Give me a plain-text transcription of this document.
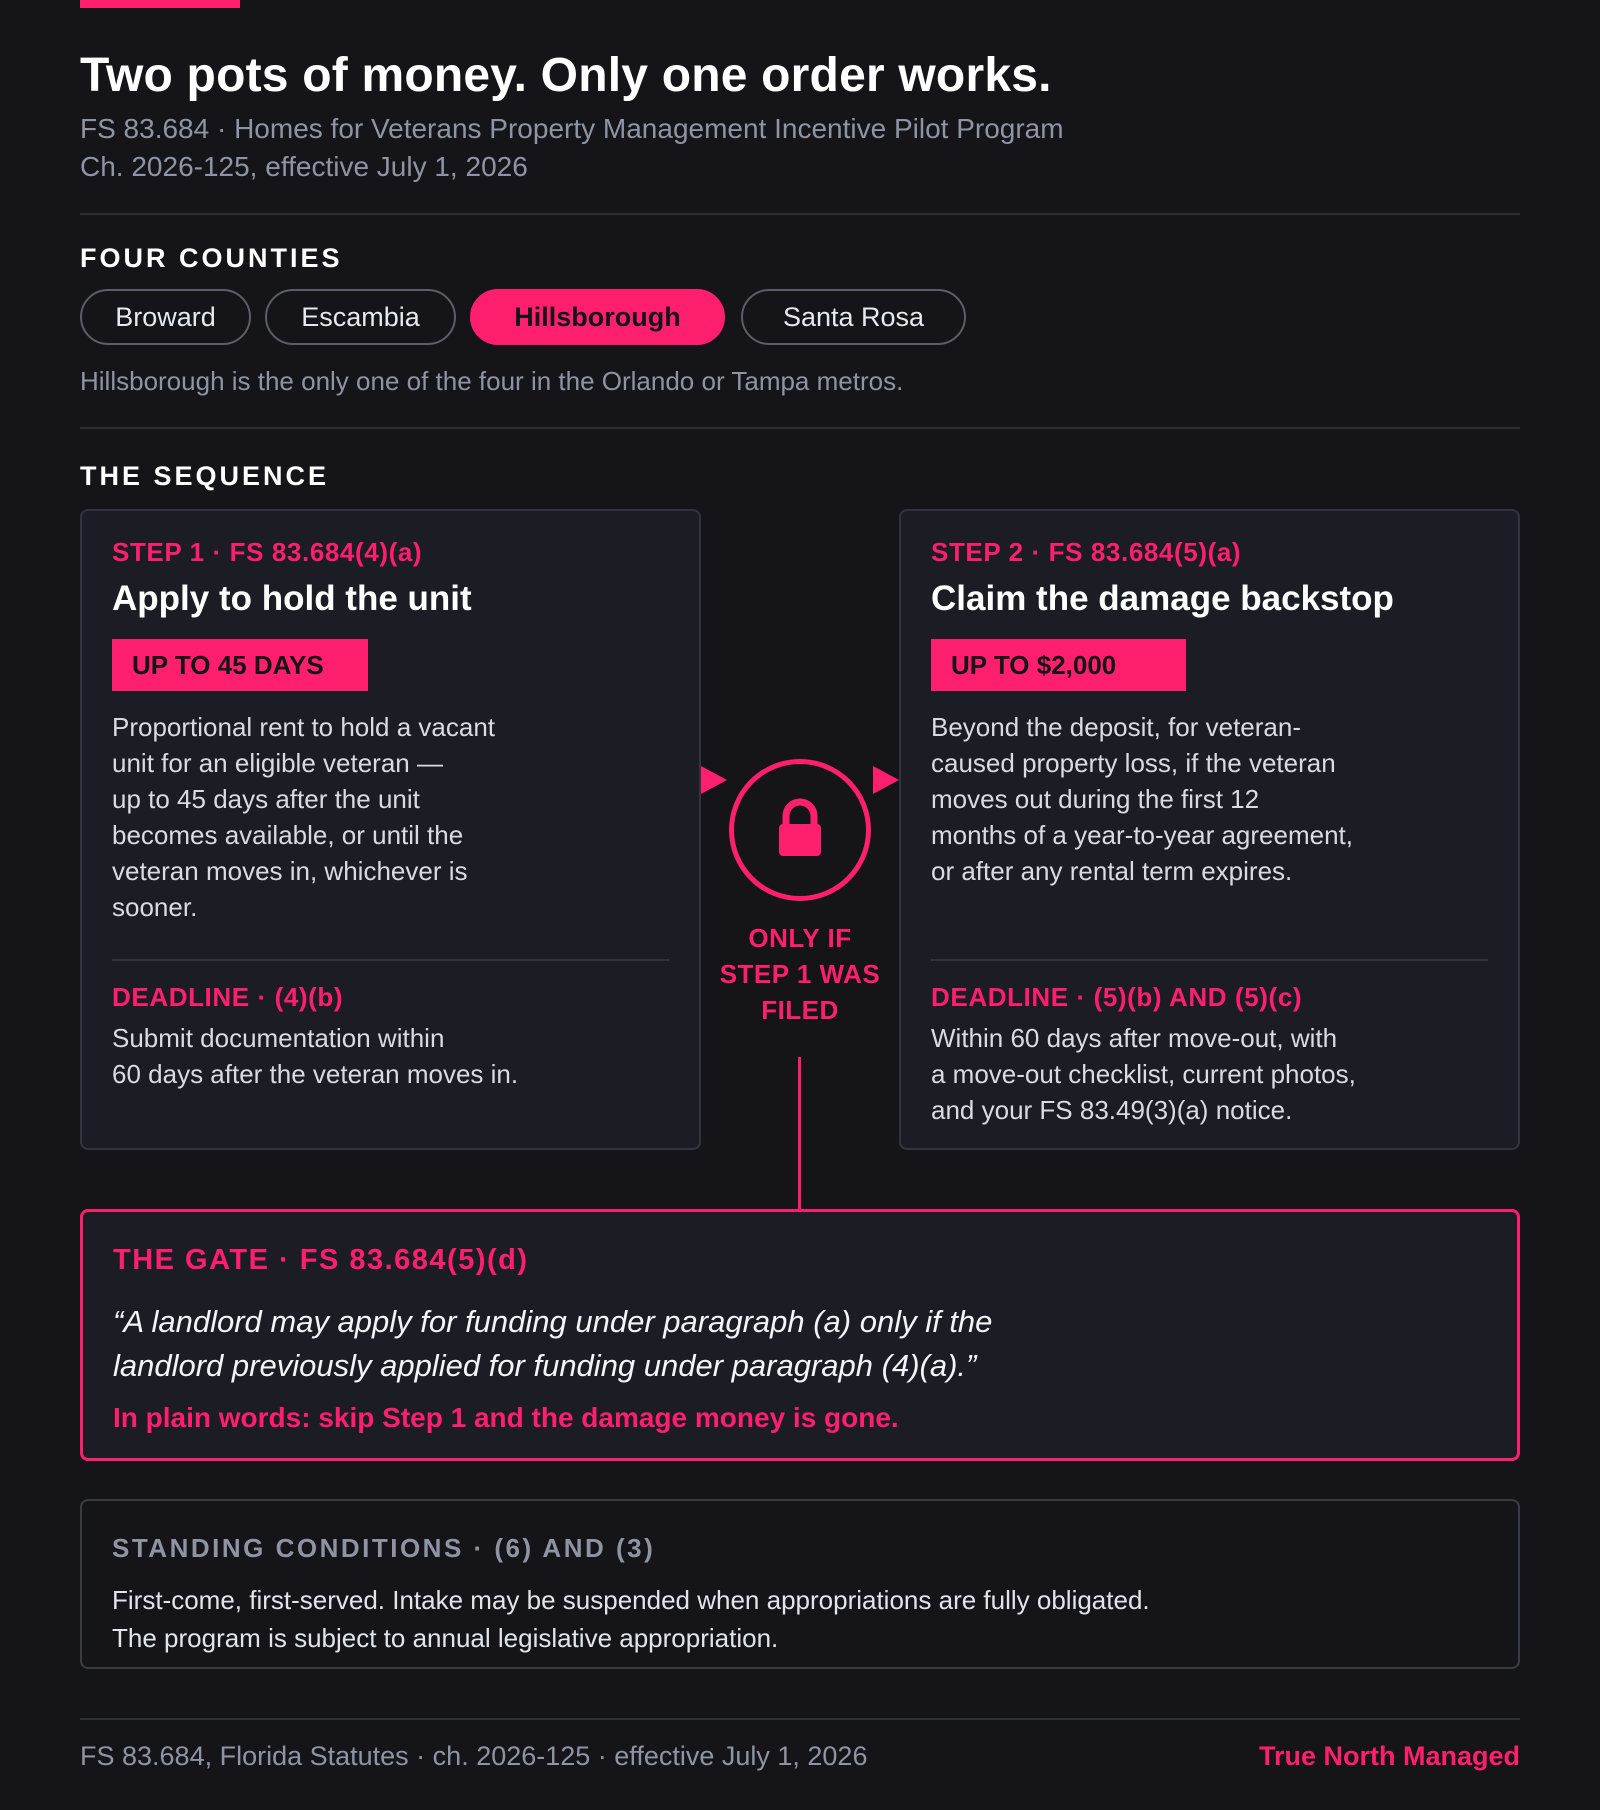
Two pots of money. Only one order works.
FS 83.684 · Homes for Veterans Property Management Incentive Pilot Program
Ch. 2026-125, effective July 1, 2026
FOUR COUNTIES
Broward	Escambia	Hillsborough	Santa Rosa
Hillsborough is the only one of the four in the Orlando or Tampa metros.
THE SEQUENCE
STEP 1 · FS 83.684(4)(a)
Apply to hold the unit
UP TO 45 DAYS
Proportional rent to hold a vacant
unit for an eligible veteran —
up to 45 days after the unit
becomes available, or until the
veteran moves in, whichever is
sooner.
DEADLINE · (4)(b)
Submit documentation within
60 days after the veteran moves in.
STEP 2 · FS 83.684(5)(a)
Claim the damage backstop
UP TO $2,000
Beyond the deposit, for veteran-
caused property loss, if the veteran
moves out during the first 12
months of a year-to-year agreement,
or after any rental term expires.
DEADLINE · (5)(b) AND (5)(c)
Within 60 days after move-out, with
a move-out checklist, current photos,
and your FS 83.49(3)(a) notice.
ONLY IF
STEP 1 WAS
FILED
THE GATE · FS 83.684(5)(d)
“A landlord may apply for funding under paragraph (a) only if the
landlord previously applied for funding under paragraph (4)(a).”
In plain words: skip Step 1 and the damage money is gone.
STANDING CONDITIONS · (6) AND (3)
First-come, first-served. Intake may be suspended when appropriations are fully obligated.
The program is subject to annual legislative appropriation.
FS 83.684, Florida Statutes · ch. 2026-125 · effective July 1, 2026	True North Managed
